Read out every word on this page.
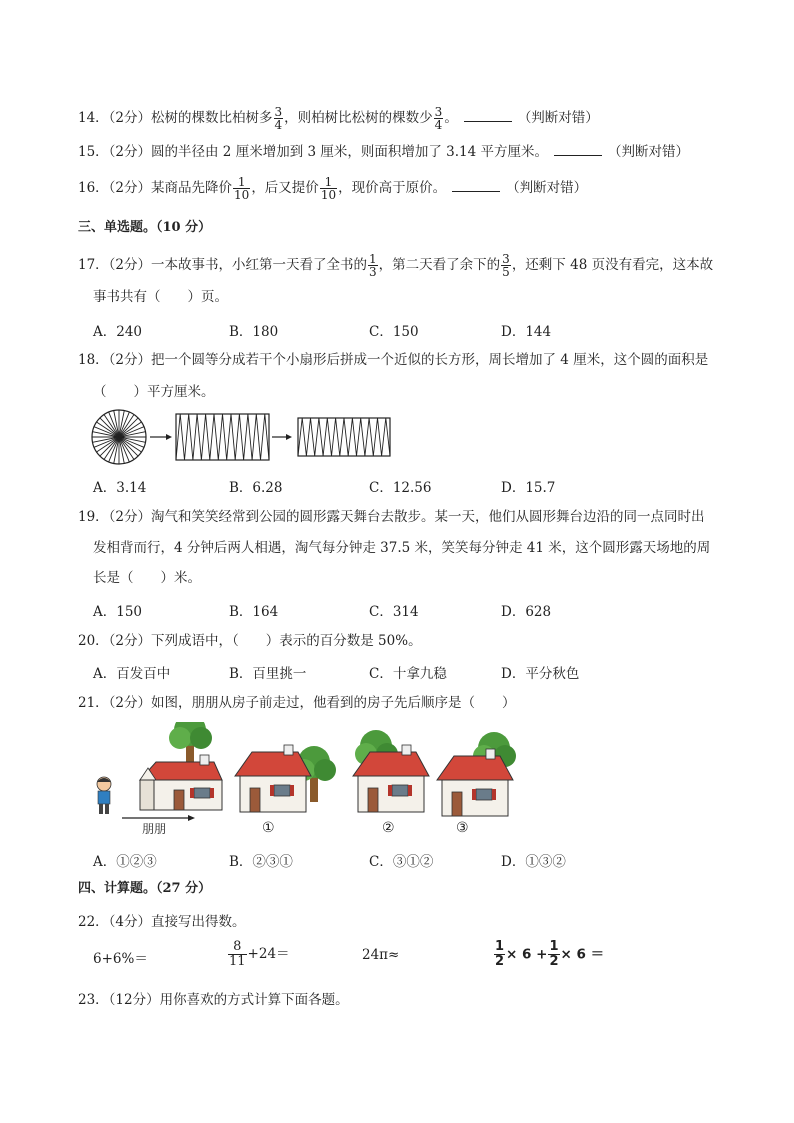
14．（2分）松树的棵数比柏树多 $\frac{3}{4}$ ，则柏树比松树的棵数少 $\frac{3}{4}$ 。	（判断对错）
15．（2分）圆的半径由 2 厘米增加到 3 厘米，则面积增加了 3.14 平方厘米。	（判断对错）
16．（2分）某商品先降价 $\frac{1}{10}$ ，后又提价 $\frac{1}{10}$ ，现价高于原价。	（判断对错）
三、单选题。（10 分）
17．（2分）一本故事书，小红第一天看了全书的 $\frac{1}{3}$ ，第二天看了余下的 $\frac{3}{5}$ ，还剩下 48 页没有看完，这本故
事书共有（　　）页。
A．240	B．180	C．150	D．144
18．（2分）把一个圆等分成若干个小扇形后拼成一个近似的长方形，周长增加了 4 厘米，这个圆的面积是
（　　）平方厘米。
A．3.14	B．6.28	C．12.56	D．15.7
19．（2分）淘气和笑笑经常到公园的圆形露天舞台去散步。某一天，他们从圆形舞台边沿的同一点同时出
发相背而行，4 分钟后两人相遇，淘气每分钟走 37.5 米，笑笑每分钟走 41 米，这个圆形露天场地的周
长是（　　）米。
A．150	B．164	C．314	D．628
20．（2分）下列成语中，（　　）表示的百分数是 50%。
A．百发百中	B．百里挑一	C．十拿九稳	D．平分秋色
21．（2分）如图，朋朋从房子前走过，他看到的房子先后顺序是（　　）
朋朋	①	②	③
A．①②③	B．②③①	C．③①②	D．①③②
四、计算题。（27 分）
22．（4分）直接写出得数。
6+6%＝	$\frac{8}{11} +24=$	24π≈	$\frac{1}{2} \times 6 + \frac{1}{2} \times 6$ ＝
23．（12分）用你喜欢的方式计算下面各题。
